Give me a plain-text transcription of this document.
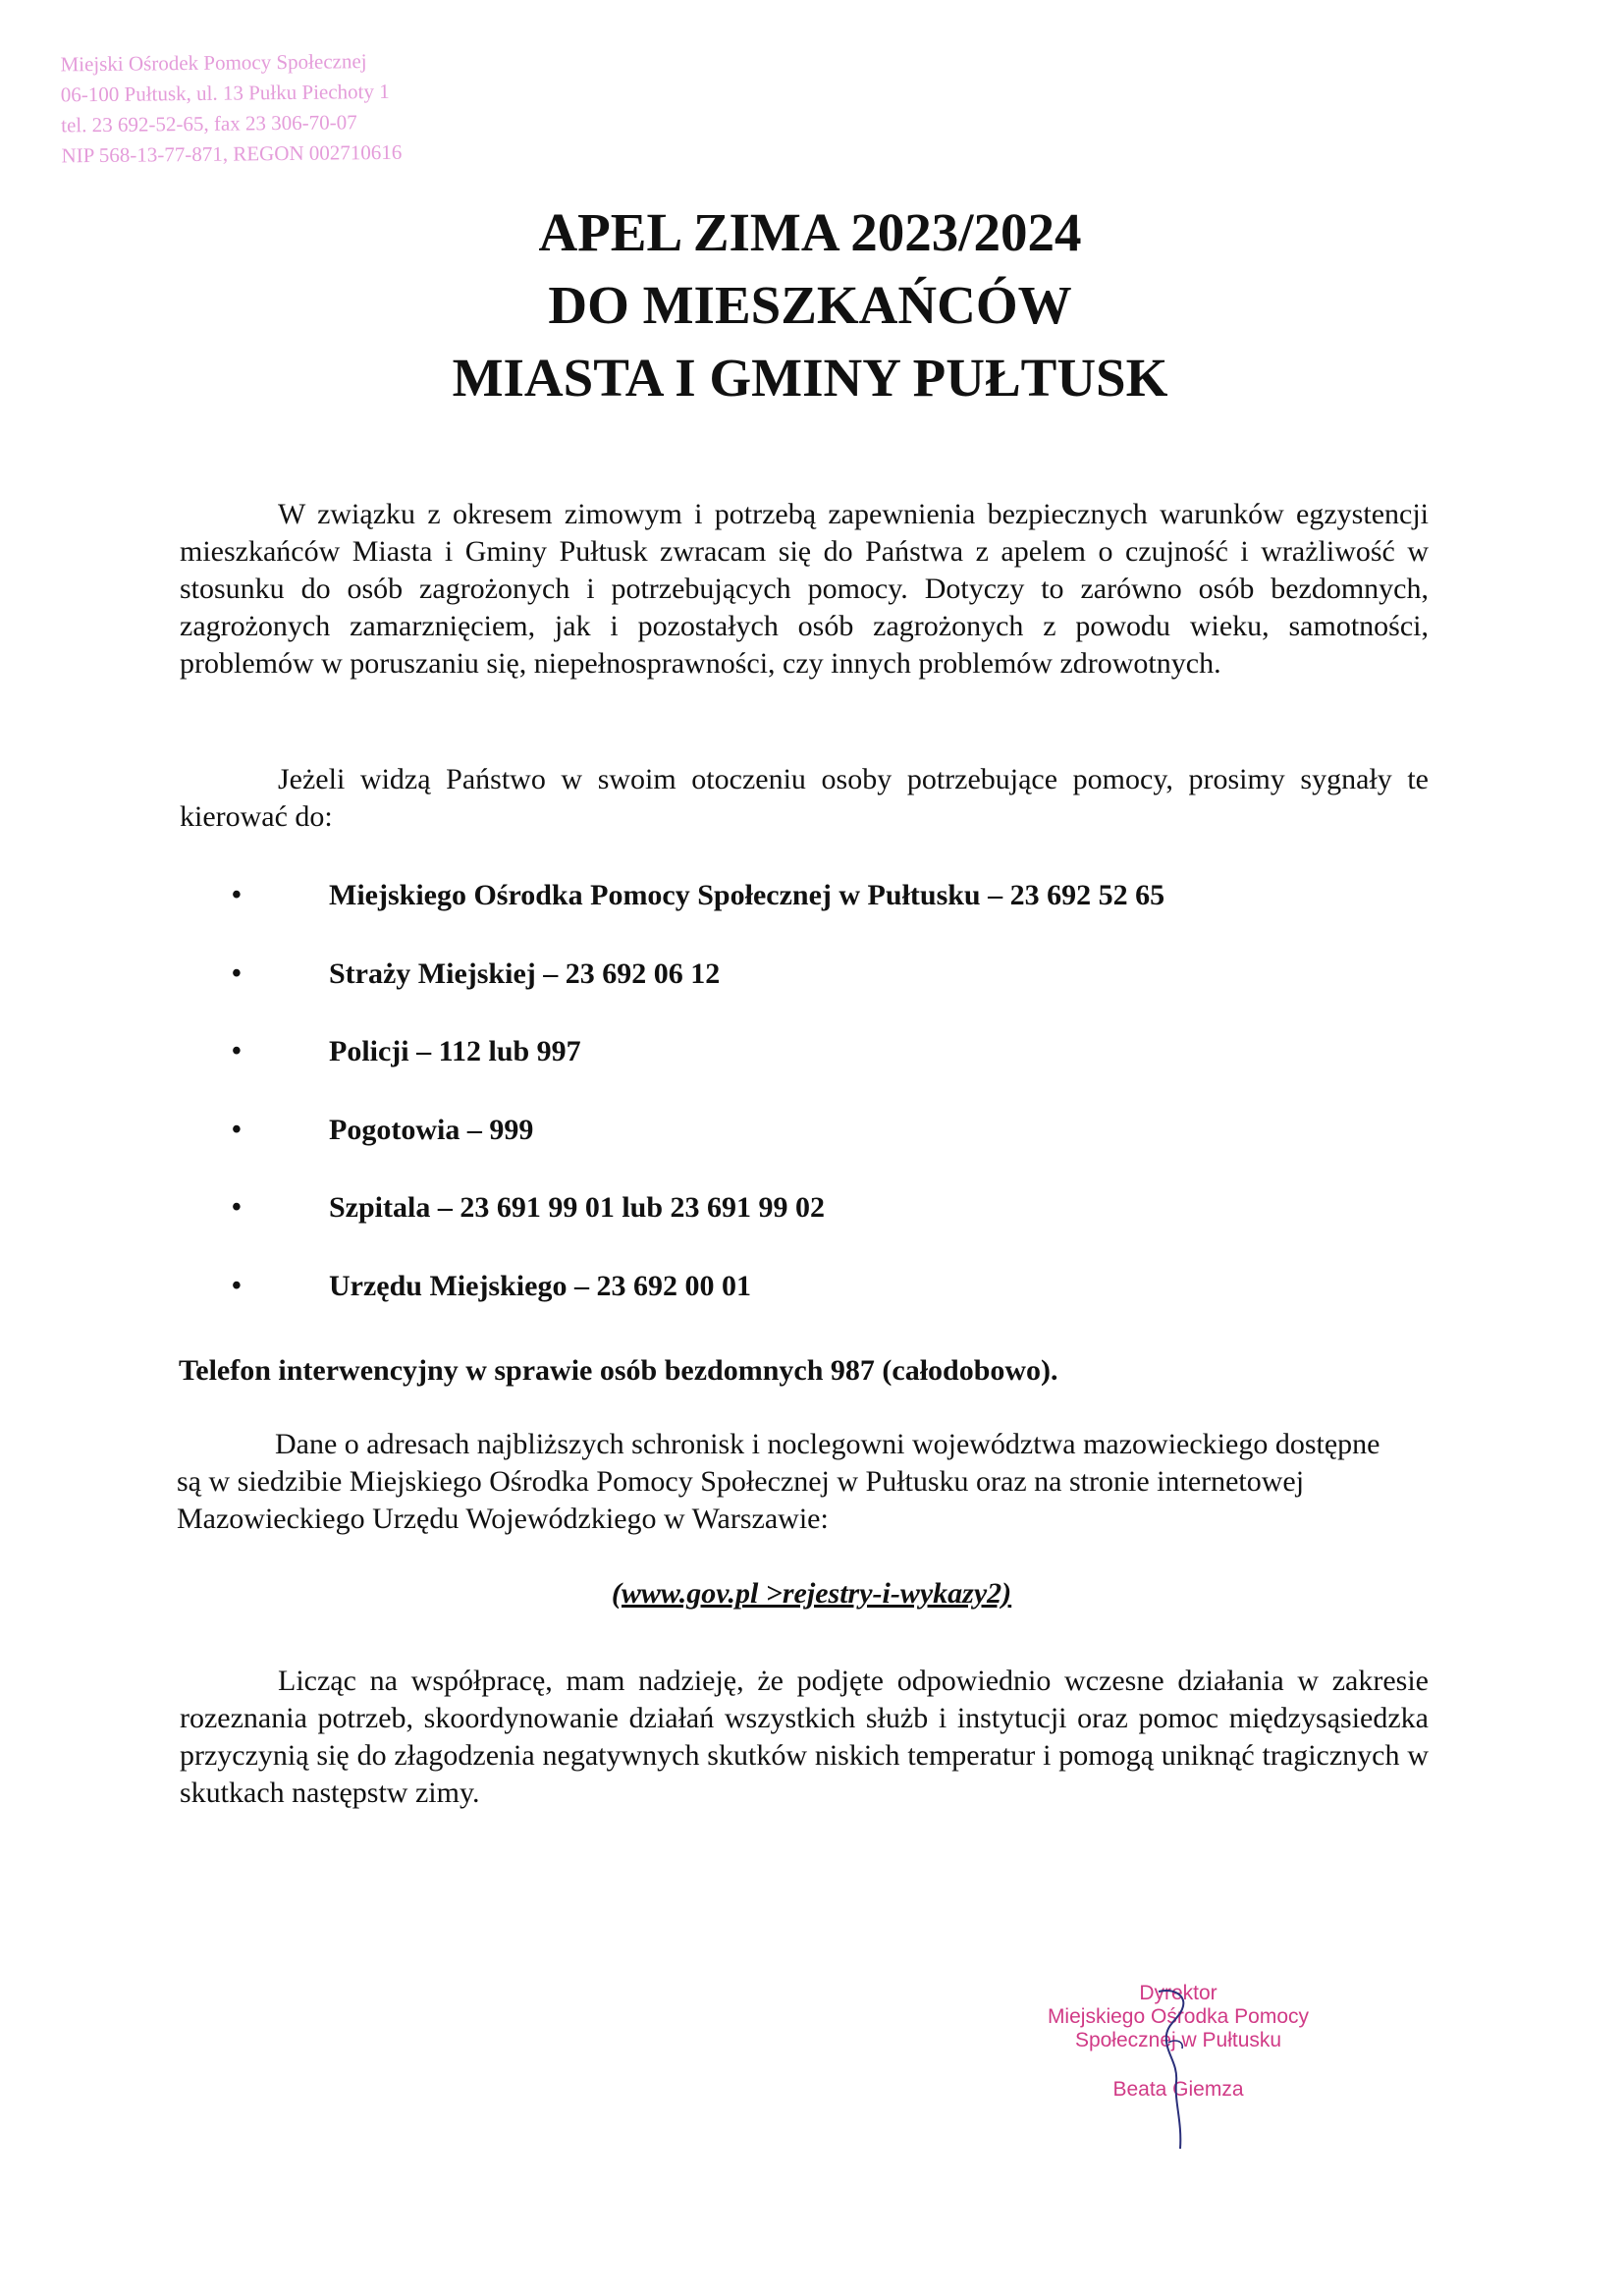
Miejski Ośrodek Pomocy Społecznej
06-100 Pułtusk, ul. 13 Pułku Piechoty 1
tel. 23 692-52-65, fax 23 306-70-07
NIP 568-13-77-871, REGON 002710616
APEL ZIMA 2023/2024
DO MIESZKAŃCÓW
MIASTA I GMINY PUŁTUSK

W związku z okresem zimowym i potrzebą zapewnienia bezpiecznych warunków egzystencji mieszkańców Miasta i Gminy Pułtusk zwracam się do Państwa z apelem o czujność i wrażliwość w stosunku do osób zagrożonych i potrzebujących pomocy. Dotyczy to zarówno osób bezdomnych, zagrożonych zamarznięciem, jak i pozostałych osób zagrożonych z powodu wieku, samotności, problemów w poruszaniu się, niepełnosprawności, czy innych problemów zdrowotnych.

Jeżeli widzą Państwo w swoim otoczeniu osoby potrzebujące pomocy, prosimy sygnały te kierować do:

•	Miejskiego Ośrodka Pomocy Społecznej w Pułtusku – 23 692 52 65
•	Straży Miejskiej – 23 692 06 12
•	Policji – 112 lub 997
•	Pogotowia – 999
•	Szpitala – 23 691 99 01 lub 23 691 99 02
•	Urzędu Miejskiego – 23 692 00 01
Telefon interwencyjny w sprawie osób bezdomnych 987 (całodobowo).

Dane o adresach najbliższych schronisk i noclegowni województwa mazowieckiego dostępne są w siedzibie Miejskiego Ośrodka Pomocy Społecznej w Pułtusku oraz na stronie internetowej Mazowieckiego Urzędu Wojewódzkiego w Warszawie:

(www.gov.pl >rejestry-i-wykazy2)

Licząc na współpracę, mam nadzieję, że podjęte odpowiednio wczesne działania w zakresie rozeznania potrzeb, skoordynowanie działań wszystkich służb i instytucji oraz pomoc międzysąsiedzka przyczynią się do złagodzenia negatywnych skutków niskich temperatur i pomogą uniknąć tragicznych w skutkach następstw zimy.

Dyrektor
Miejskiego Ośrodka Pomocy
Społecznej w Pułtusku
Beata Giemza
